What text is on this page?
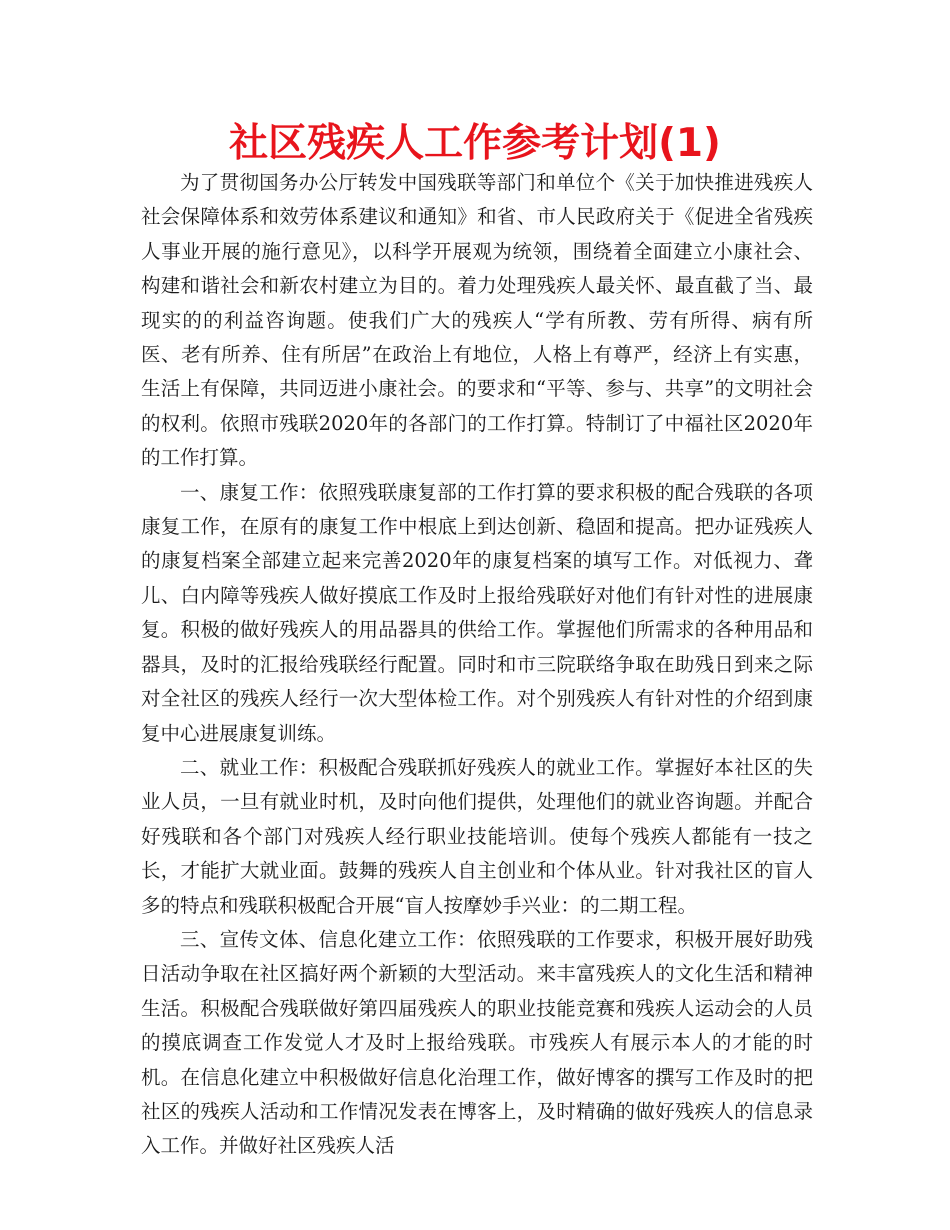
社区残疾人工作参考计划(1)

为了贯彻国务办公厅转发中国残联等部门和单位个《关于加快推进残疾人社会保障体系和效劳体系建议和通知》和省、市人民政府关于《促进全省残疾人事业开展的施行意见》，以科学开展观为统领，围绕着全面建立小康社会、构建和谐社会和新农村建立为目的。着力处理残疾人最关怀、最直截了当、最现实的的利益咨询题。使我们广大的残疾人“学有所教、劳有所得、病有所医、老有所养、住有所居”在政治上有地位，人格上有尊严，经济上有实惠，生活上有保障，共同迈进小康社会。的要求和“平等、参与、共享”的文明社会的权利。依照市残联2020年的各部门的工作打算。特制订了中福社区2020年的工作打算。

一、康复工作：依照残联康复部的工作打算的要求积极的配合残联的各项康复工作，在原有的康复工作中根底上到达创新、稳固和提高。把办证残疾人的康复档案全部建立起来完善2020年的康复档案的填写工作。对低视力、聋儿、白内障等残疾人做好摸底工作及时上报给残联好对他们有针对性的进展康复。积极的做好残疾人的用品器具的供给工作。掌握他们所需求的各种用品和器具，及时的汇报给残联经行配置。同时和市三院联络争取在助残日到来之际对全社区的残疾人经行一次大型体检工作。对个别残疾人有针对性的介绍到康复中心进展康复训练。

二、就业工作：积极配合残联抓好残疾人的就业工作。掌握好本社区的失业人员，一旦有就业时机，及时向他们提供，处理他们的就业咨询题。并配合好残联和各个部门对残疾人经行职业技能培训。使每个残疾人都能有一技之长，才能扩大就业面。鼓舞的残疾人自主创业和个体从业。针对我社区的盲人多的特点和残联积极配合开展“盲人按摩妙手兴业：的二期工程。

三、宣传文体、信息化建立工作：依照残联的工作要求，积极开展好助残日活动争取在社区搞好两个新颖的大型活动。来丰富残疾人的文化生活和精神生活。积极配合残联做好第四届残疾人的职业技能竞赛和残疾人运动会的人员的摸底调查工作发觉人才及时上报给残联。市残疾人有展示本人的才能的时机。在信息化建立中积极做好信息化治理工作，做好博客的撰写工作及时的把社区的残疾人活动和工作情况发表在博客上，及时精确的做好残疾人的信息录入工作。并做好社区残疾人活
